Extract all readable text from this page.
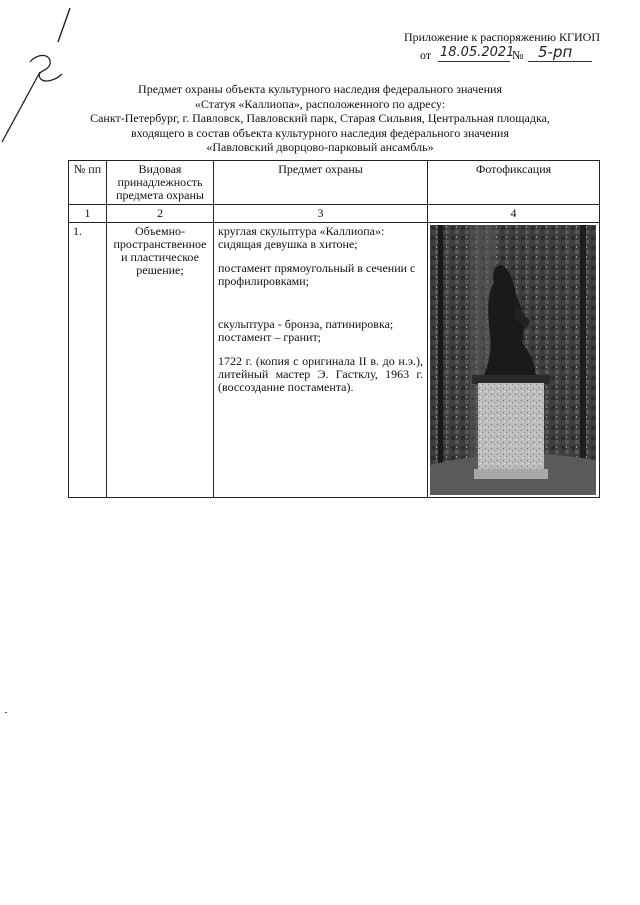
Приложение к распоряжению КГИОП
от 18.05.2021
№ 5-рп
Предмет охраны объекта культурного наследия федерального значения
«Статуя «Каллиопа», расположенного по адресу:
Санкт-Петербург, г. Павловск, Павловский парк, Старая Сильвия, Центральная площадка,
входящего в состав объекта культурного наследия федерального значения
«Павловский дворцово-парковый ансамбль»
№ пп	Видовая принадлежность предмета охраны	Предмет охраны	Фотофиксация
1	2	3	4
1.	Объемно-пространственное и пластическое решение;	круглая скульптура «Каллиопа»: сидящая девушка в хитоне;

постамент прямоугольный в сечении с профилировками;

скульптура - бронза, патинировка; постамент – гранит;

1722 г. (копия с оригинала II в. до н.э.), литейный мастер Э. Гастклу, 1963 г. (воссоздание постамента).
